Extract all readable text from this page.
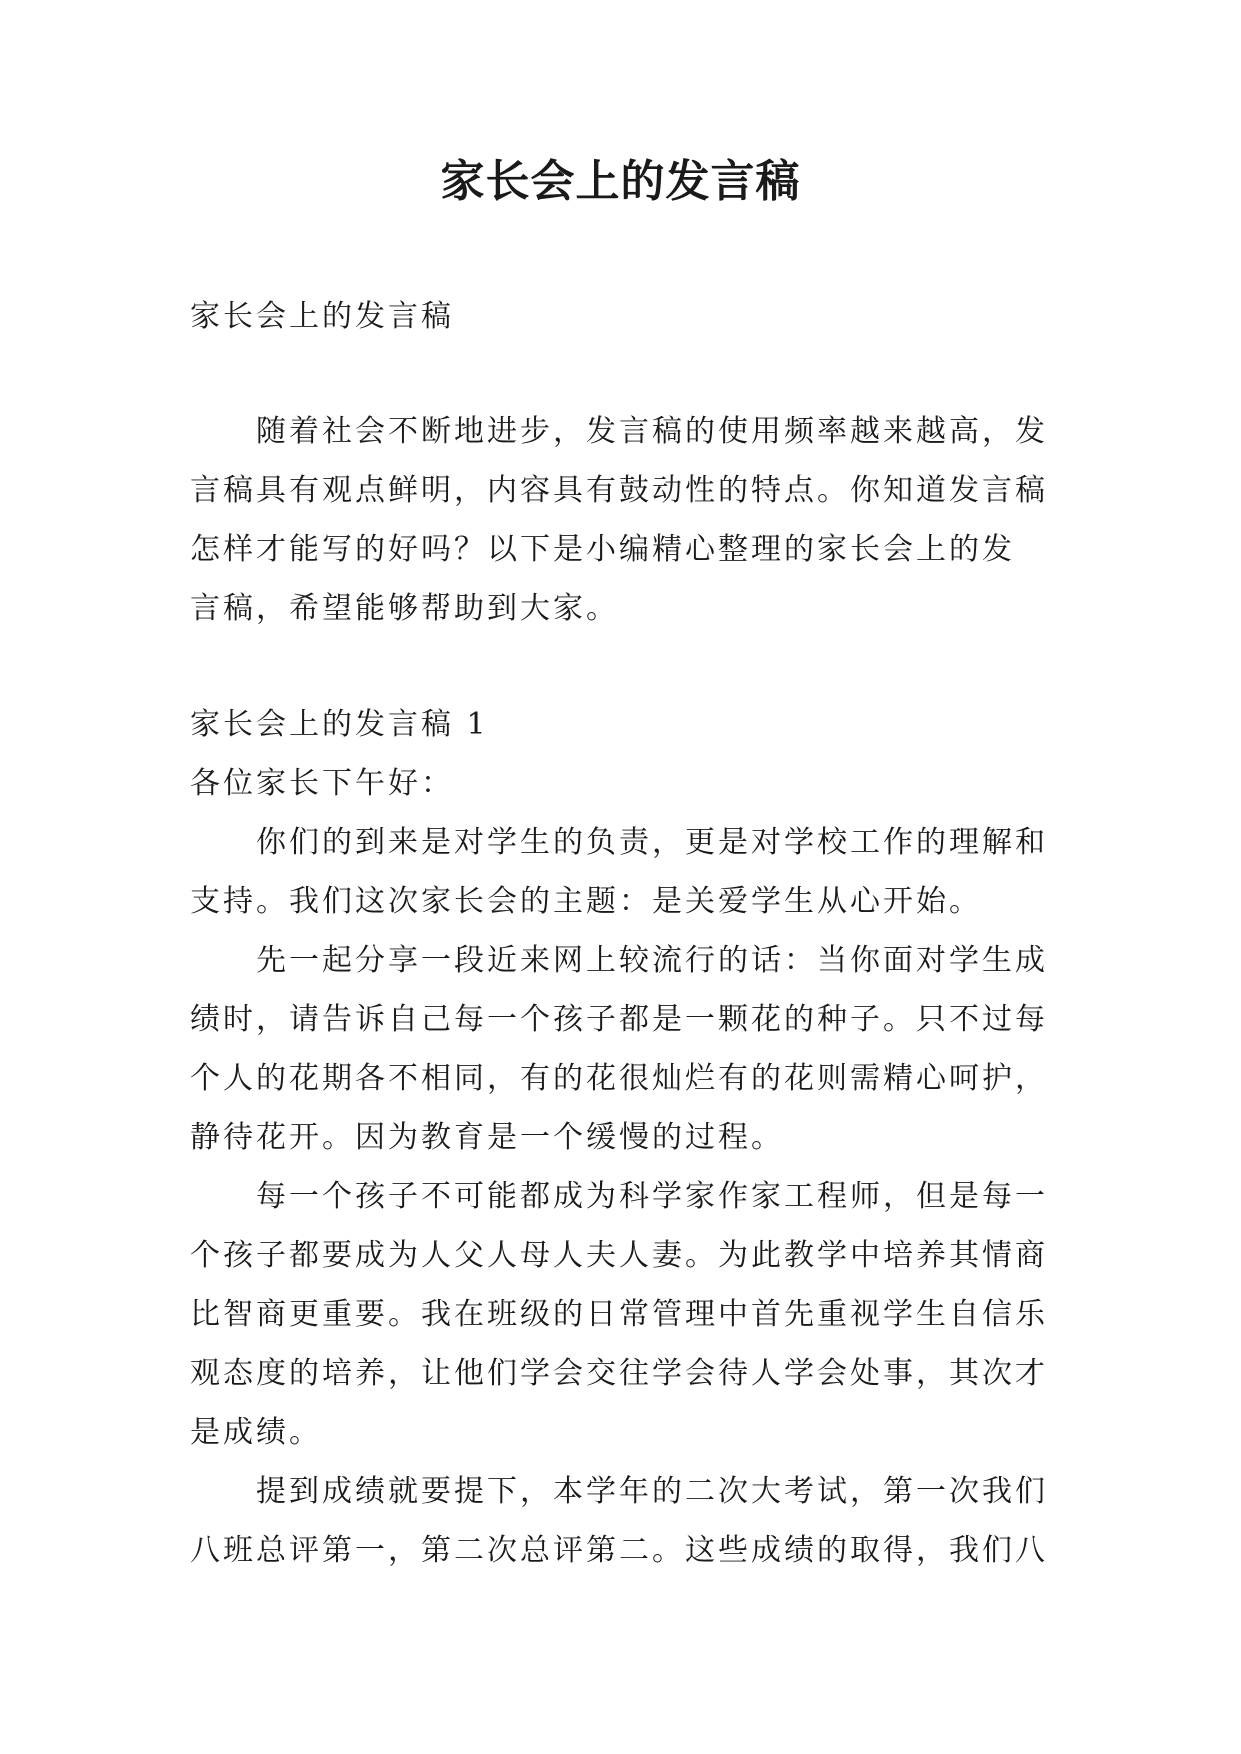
家长会上的发言稿
家长会上的发言稿
随着社会不断地进步，发言稿的使用频率越来越高，发
言稿具有观点鲜明，内容具有鼓动性的特点。你知道发言稿
怎样才能写的好吗？以下是小编精心整理的家长会上的发
言稿，希望能够帮助到大家。
家长会上的发言稿 1
各位家长下午好：
你们的到来是对学生的负责，更是对学校工作的理解和
支持。我们这次家长会的主题：是关爱学生从心开始。
先一起分享一段近来网上较流行的话：当你面对学生成
绩时，请告诉自己每一个孩子都是一颗花的种子。只不过每
个人的花期各不相同，有的花很灿烂有的花则需精心呵护，
静待花开。因为教育是一个缓慢的过程。
每一个孩子不可能都成为科学家作家工程师，但是每一
个孩子都要成为人父人母人夫人妻。为此教学中培养其情商
比智商更重要。我在班级的日常管理中首先重视学生自信乐
观态度的培养，让他们学会交往学会待人学会处事，其次才
是成绩。
提到成绩就要提下，本学年的二次大考试，第一次我们
八班总评第一，第二次总评第二。这些成绩的取得，我们八
